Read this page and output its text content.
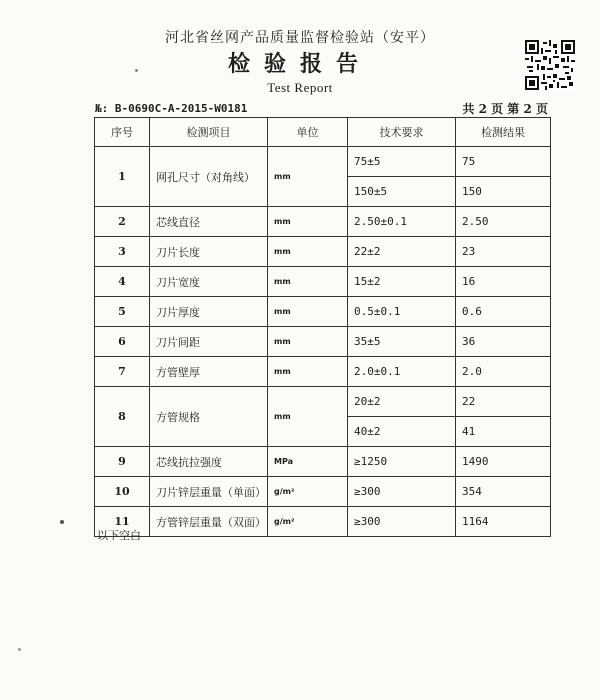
河北省丝网产品质量监督检验站（安平）
检验报告
Test Report
№: B-0690C-A-2015-W0181	共 2 页 第 2 页
序号	检测项目	单位	技术要求	检测结果
1	网孔尺寸（对角线）	mm	75±5	75
			150±5	150
2	芯线直径	mm	2.50±0.1	2.50
3	刀片长度	mm	22±2	23
4	刀片宽度	mm	15±2	16
5	刀片厚度	mm	0.5±0.1	0.6
6	刀片间距	mm	35±5	36
7	方管壁厚	mm	2.0±0.1	2.0
8	方管规格	mm	20±2	22
			40±2	41
9	芯线抗拉强度	MPa	≥1250	1490
10	刀片锌层重量（单面）	g/m²	≥300	354
11	方管锌层重量（双面）	g/m²	≥300	1164
以下空白
